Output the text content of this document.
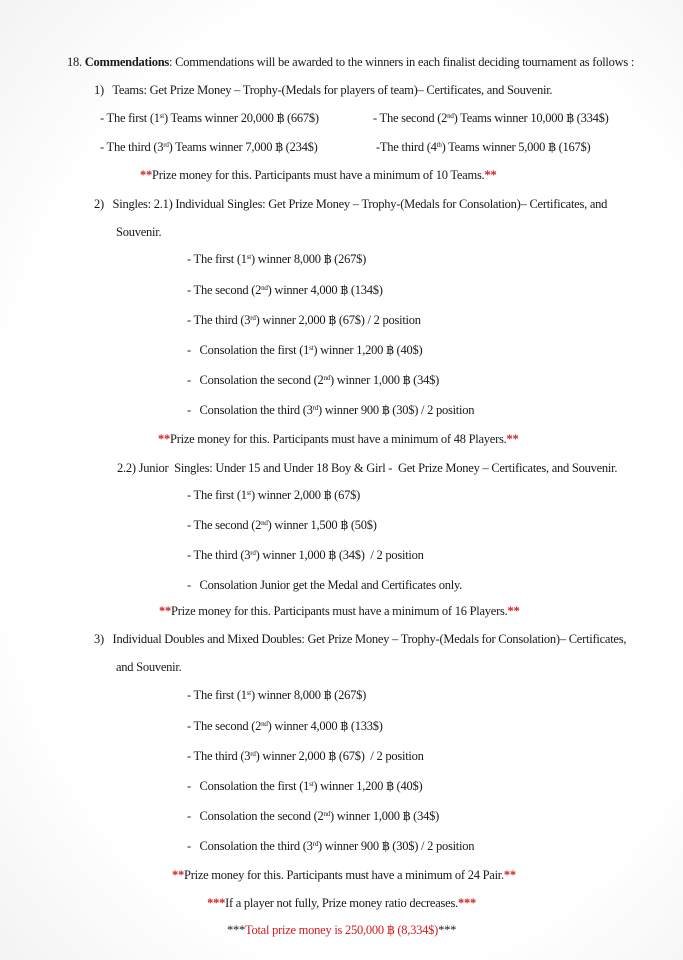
18. Commendations: Commendations will be awarded to the winners in each finalist deciding tournament as follows :
1) Teams: Get Prize Money – Trophy-(Medals for players of team)– Certificates, and Souvenir.
- The first (1st) Teams winner 20,000 ฿ (667$)	- The second (2nd) Teams winner 10,000 ฿ (334$)
- The third (3rd) Teams winner 7,000 ฿ (234$)	-The third (4th) Teams winner 5,000 ฿ (167$)
**Prize money for this. Participants must have a minimum of 10 Teams.**
2) Singles: 2.1) Individual Singles: Get Prize Money – Trophy-(Medals for Consolation)– Certificates, and
Souvenir.
- The first (1st) winner 8,000 ฿ (267$)
- The second (2nd) winner 4,000 ฿ (134$)
- The third (3rd) winner 2,000 ฿ (67$) / 2 position
-   Consolation the first (1st) winner 1,200 ฿ (40$)
-   Consolation the second (2nd) winner 1,000 ฿ (34$)
-   Consolation the third (3rd) winner 900 ฿ (30$) / 2 position
**Prize money for this. Participants must have a minimum of 48 Players.**
2.2) Junior  Singles: Under 15 and Under 18 Boy & Girl -  Get Prize Money – Certificates, and Souvenir.
- The first (1st) winner 2,000 ฿ (67$)
- The second (2nd) winner 1,500 ฿ (50$)
- The third (3rd) winner 1,000 ฿ (34$)  / 2 position
-   Consolation Junior get the Medal and Certificates only.
**Prize money for this. Participants must have a minimum of 16 Players.**
3) Individual Doubles and Mixed Doubles: Get Prize Money – Trophy-(Medals for Consolation)– Certificates,
and Souvenir.
- The first (1st) winner 8,000 ฿ (267$)
- The second (2nd) winner 4,000 ฿ (133$)
- The third (3rd) winner 2,000 ฿ (67$)  / 2 position
-   Consolation the first (1st) winner 1,200 ฿ (40$)
-   Consolation the second (2nd) winner 1,000 ฿ (34$)
-   Consolation the third (3rd) winner 900 ฿ (30$) / 2 position
**Prize money for this. Participants must have a minimum of 24 Pair.**
***If a player not fully, Prize money ratio decreases.***
***Total prize money is 250,000 ฿ (8,334$)***
